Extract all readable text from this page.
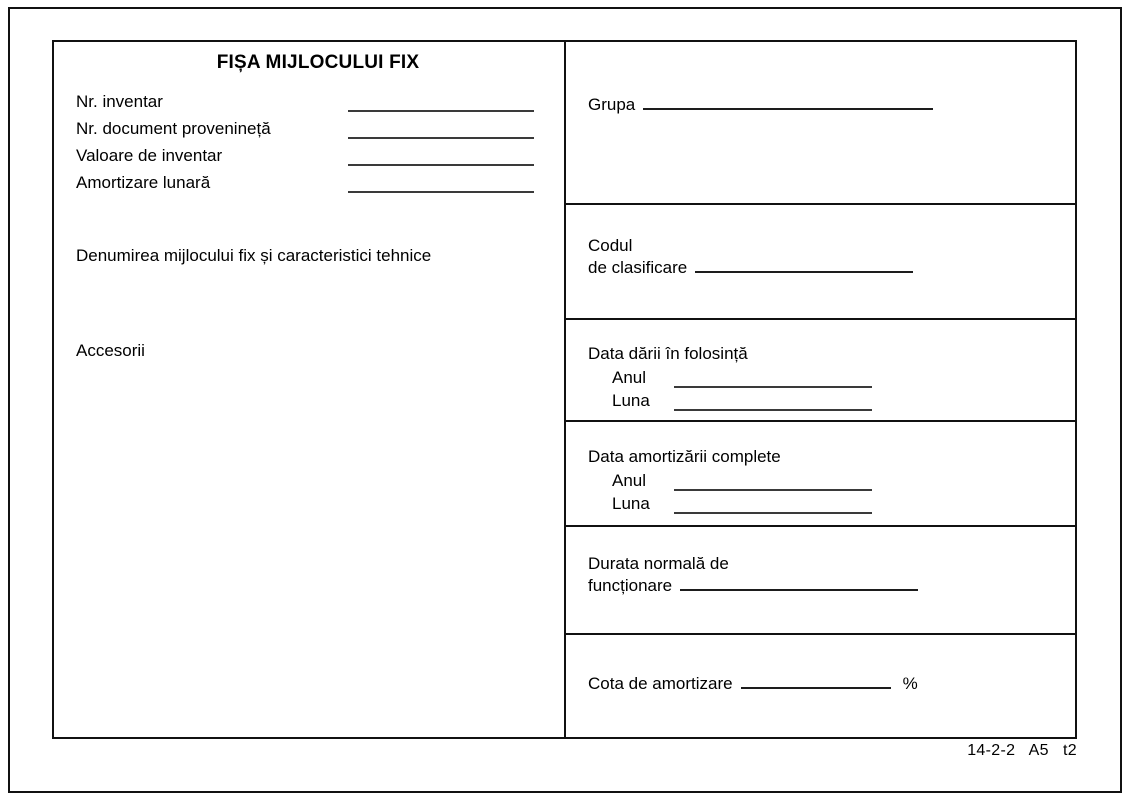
FIȘA MIJLOCULUI FIX
Nr. inventar
Nr. document provenineță
Valoare de inventar
Amortizare lunară
Denumirea mijlocului fix și caracteristici tehnice
Accesorii
Grupa
Codul
de clasificare
Data dării în folosință
Anul
Luna
Data amortizării complete
Anul
Luna
Durata normală de
funcționare
Cota de amortizare	%
14-2-2   A5   t2
